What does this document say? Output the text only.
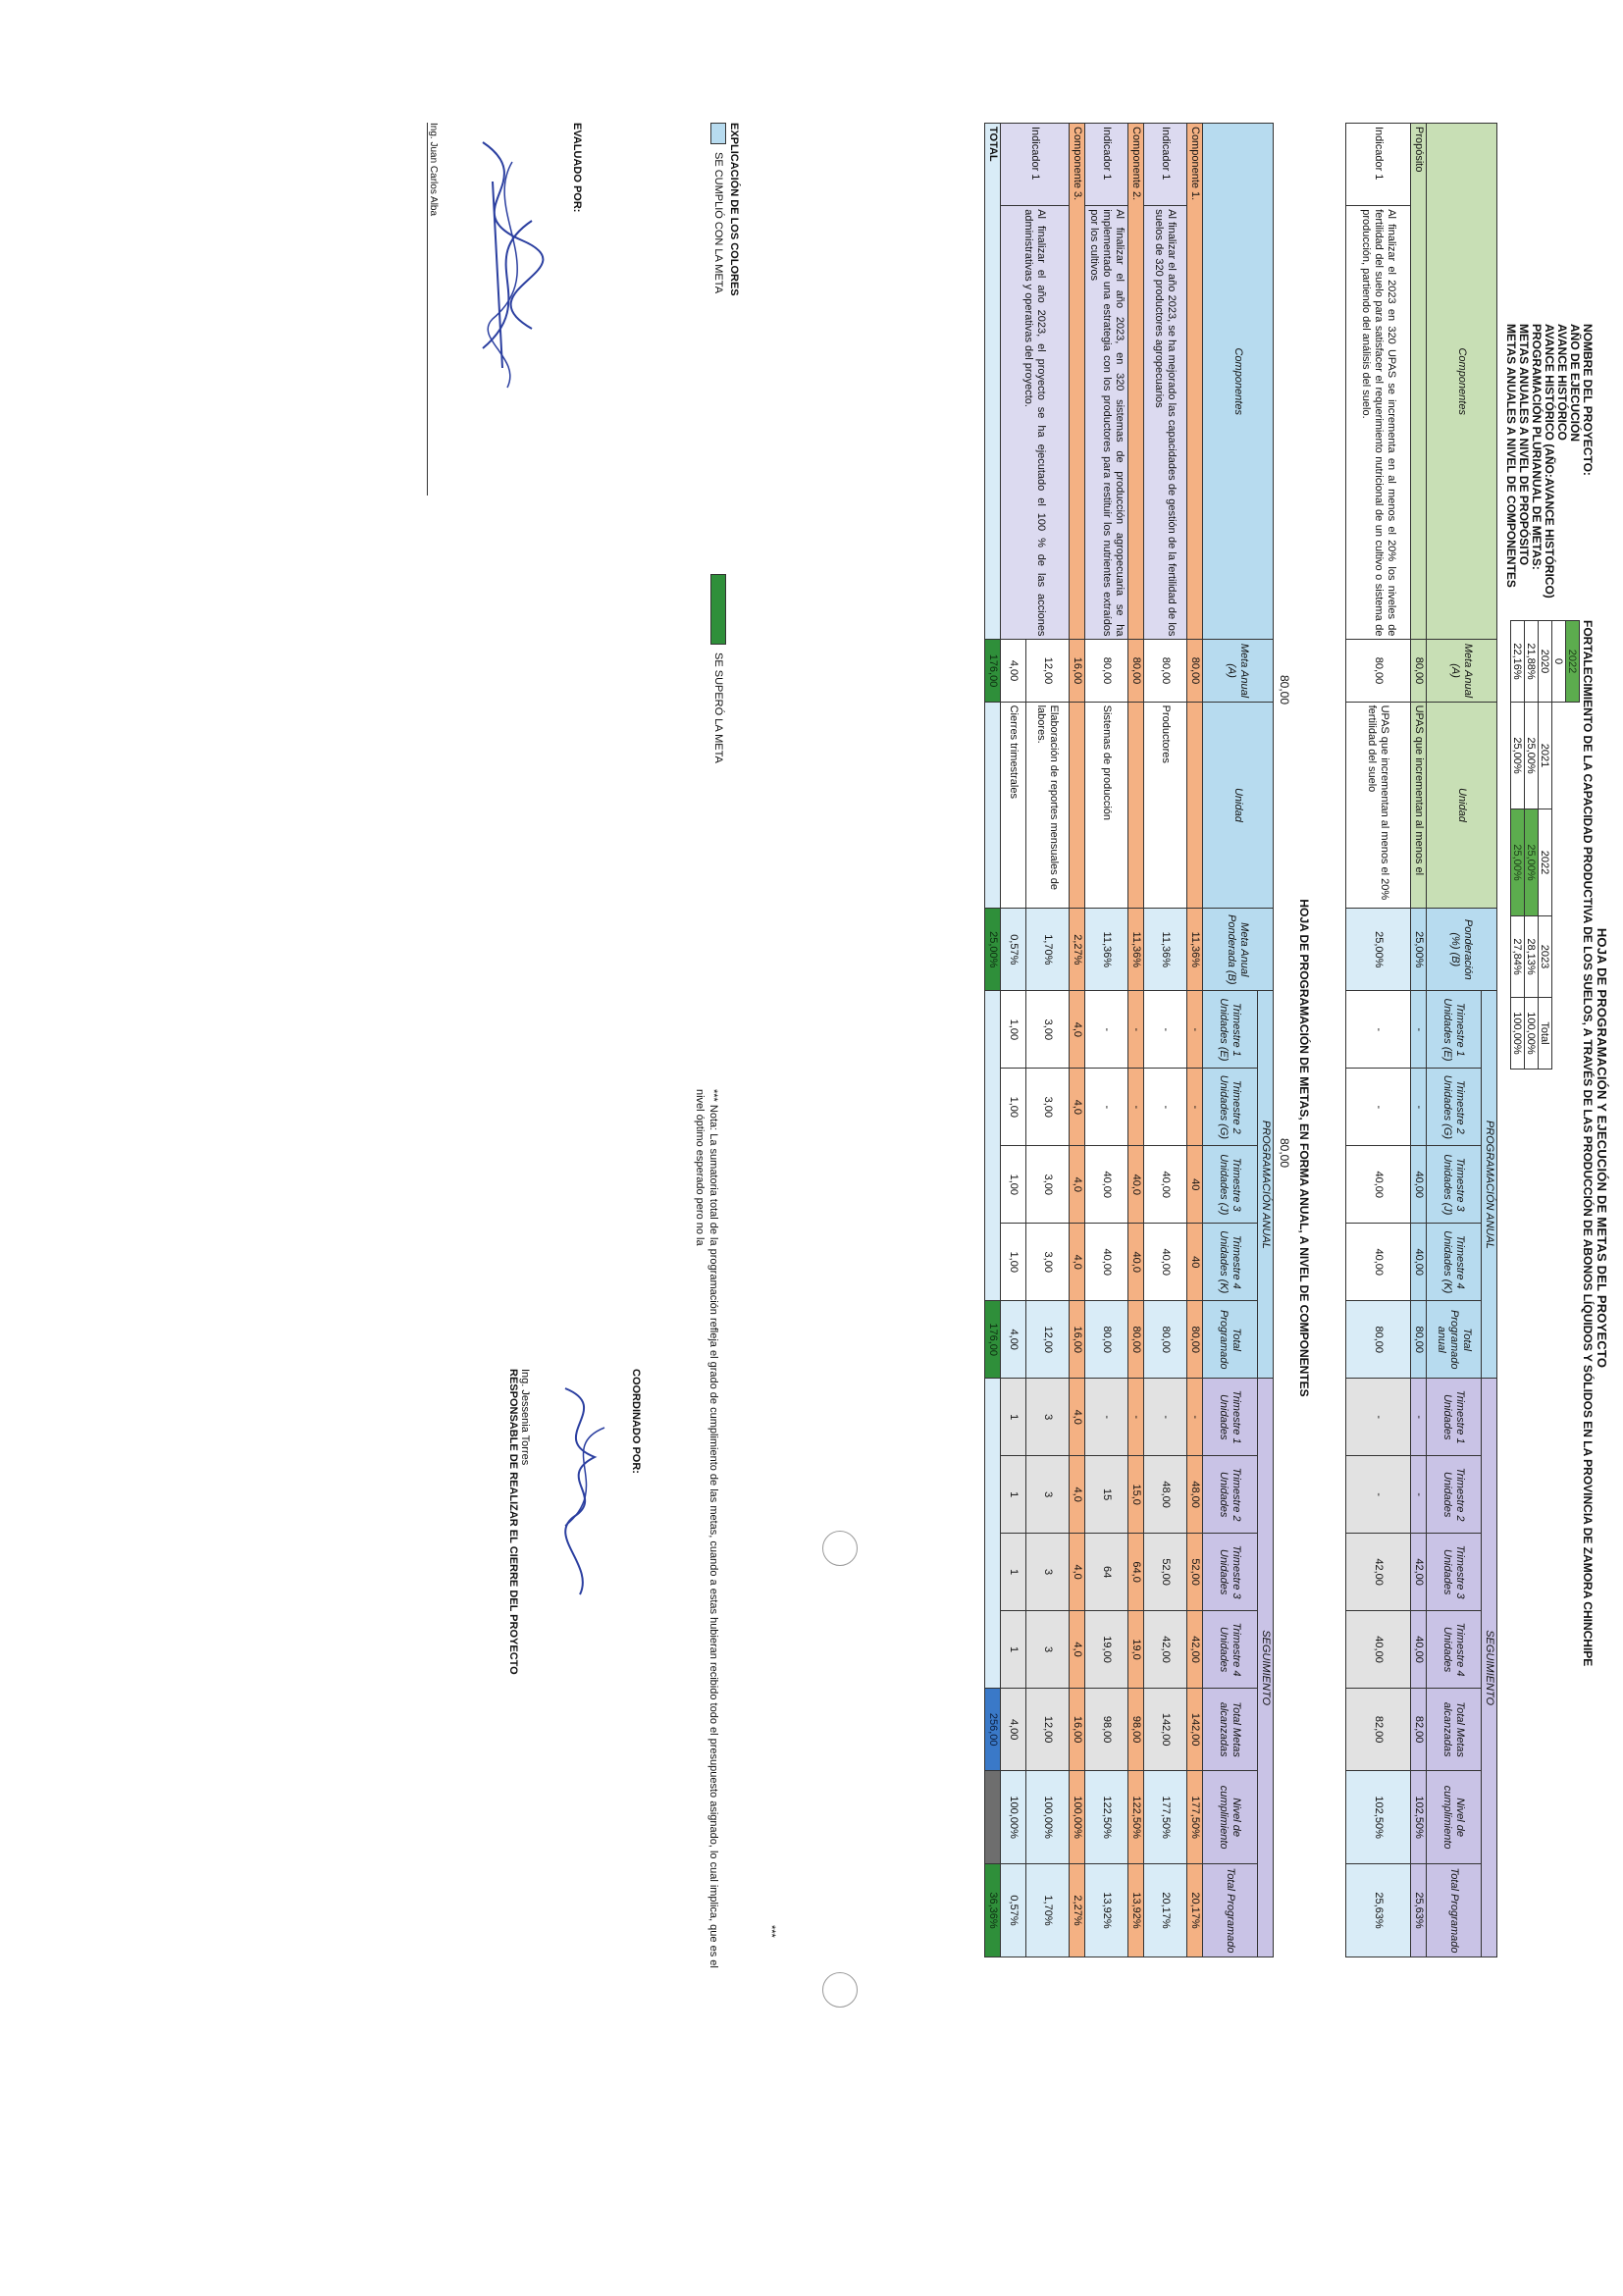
HOJA DE PROGRAMACIÓN Y EJECUCIÓN DE METAS DEL PROYECTO
NOMBRE DEL PROYECTO:
AÑO DE EJECUCIÓN
AVANCE HISTÓRICO
AVANCE HISTÓRICO (AÑO:AVANCE HISTÓRICO)
PROGRAMACIÓN PLURIANUAL DE METAS:
METAS ANUALES A NIVEL DE PROPÓSITO
METAS ANUALES A NIVEL DE COMPONENTES
FORTALECIMIENTO DE LA CAPACIDAD PRODUCTIVA DE LOS SUELOS, A TRAVÉS DE LAS PRODUCCIÓN DE ABONOS LÍQUIDOS Y SÓLIDOS EN LA PROVINCIA DE ZAMORA CHINCHIPE
2022				
0				
2020	2021	2022	2023	Total
21,88%	25,00%	25,00%	28,13%	100,00%
22,16%	25,00%	25,00%	27,84%	100,00%
Componentes		Meta Anual (A)	Unidad	Ponderación (%) (B)	PROGRAMACIÓN ANUAL					SEGUIMIENTO						
					Trimestre 1 Unidades (E)	Trimestre 2 Unidades (G)	Trimestre 3 Unidades (J)	Trimestre 4 Unidades (K)	Total Programado anual	Trimestre 1 Unidades	Trimestre 2 Unidades	Trimestre 3 Unidades	Trimestre 4 Unidades	Total Metas alcanzadas	Nivel de cumplimiento	Total Programado
Propósito		80,00	UPAS que incrementan al menos el	25,00%	-	-	40,00	40,00	80,00	-	-	42,00	40,00	82,00	102,50%	25,63%
Indicador 1	Al finalizar el 2023 en 320 UPAS se incrementa en al menos el 20% los niveles de fertilidad del suelo para satisfacer el requerimiento nutricional de un cultivo o sistema de producción, partiendo del análisis del suelo.	80,00	UPAS que incrementan al menos el 20% fertilidad del suelo	25,00%	-	-	40,00	40,00	80,00	-	-	42,00	40,00	82,00	102,50%	25,63%
80,00
80,00 HOJA DE PROGRAMACIÓN DE METAS, EN FORMA ANUAL, A NIVEL DE COMPONENTES
Componentes		Meta Anual (A)	Unidad	Meta Anual Ponderada (B)	PROGRAMACIÓN ANUAL					SEGUIMIENTO						
					Trimestre 1 Unidades (E)	Trimestre 2 Unidades (G)	Trimestre 3 Unidades (J)	Trimestre 4 Unidades (K)	Total Programado	Trimestre 1 Unidades	Trimestre 2 Unidades	Trimestre 3 Unidades	Trimestre 4 Unidades	Total Metas alcanzadas	Nivel de cumplimiento	Total Programado
Componente 1.		80,00		11,36%	-	-	40	40	80,00	-	48,00	52,00	42,00	142,00	177,50%	20,17%
Indicador 1	Al finalizar el año 2023, se ha mejorado las capacidades de gestión de la fertilidad de los suelos de 320 productores agropecuarios	80,00	Productores	11,36%	-	-	40,00	40,00	80,00	-	48,00	52,00	42,00	142,00	177,50%	20,17%
Componente 2.		80,00		11,36%	-	-	40,0	40,0	80,00	-	15,0	64,0	19,0	98,00	122,50%	13,92%
Indicador 1	Al finalizar el año 2023, en 320 sistemas de producción agropecuaria se ha implementado una estrategia con los productores para restituir los nutrientes extraídos por los cultivos	80,00	Sistemas de producción	11,36%	-	-	40,00	40,00	80,00	-	15	64	19,00	98,00	122,50%	13,92%
Componente 3.		16,00		2,27%	4,0	4,0	4,0	4,0	16,00	4,0	4,0	4,0	4,0	16,00	100,00%	2,27%
Indicador 1	Al finalizar el año 2023, el proyecto se ha ejecutado el 100 % de las acciones administrativas y operativas del proyecto.	12,00	Elaboración de reportes mensuales de labores.	1,70%	3,00	3,00	3,00	3,00	12,00	3	3	3	3	12,00	100,00%	1,70%
		4,00	Cierres trimestrales	0,57%	1,00	1,00	1,00	1,00	4,00	1	1	1	1	4,00	100,00%	0,57%
TOTAL		176,00		25,00%					176,00					256,00		36,36%
***
EXPLICACIÓN DE LOS COLORES
SE CUMPLIÓ CON LA META
SE SUPERÓ LA META
*** Nota: La sumatoria total de la programación refleja el grado de cumplimiento de las metas, cuando a estas hubieran recibido todo el presupuesto asignado, lo cual implica, que es el nivel óptimo esperado pero no la
EVALUADO POR:
Ing. Juan Carlos Alba
COORDINADO POR:
Ing. Jessenia Torres
RESPONSABLE DE REALIZAR EL CIERRE DEL PROYECTO
